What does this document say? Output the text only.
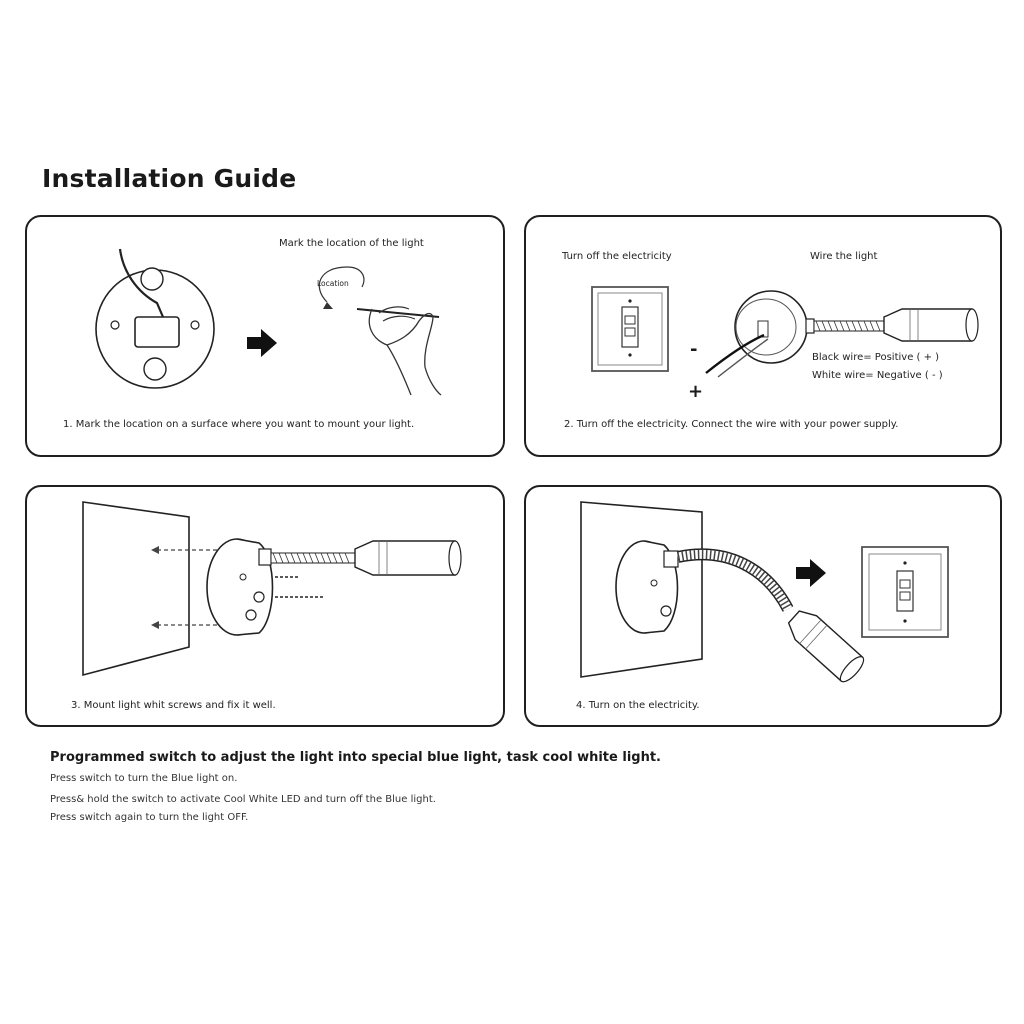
Installation Guide
Mark the location of the light
Location
1. Mark the location on a surface where you want to mount your light.
Turn off the electricity	Wire the light
-
+
Black wire= Positive ( + )
White wire= Negative ( - )
2. Turn off the electricity. Connect the wire with your power supply.
3. Mount light whit screws and fix it well.	4. Turn on the electricity.
Programmed switch to adjust the light into special blue light, task cool white light.
Press switch to turn the Blue light on.
Press& hold the switch to activate Cool White LED and turn off the Blue light.
Press switch again to turn the light OFF.
